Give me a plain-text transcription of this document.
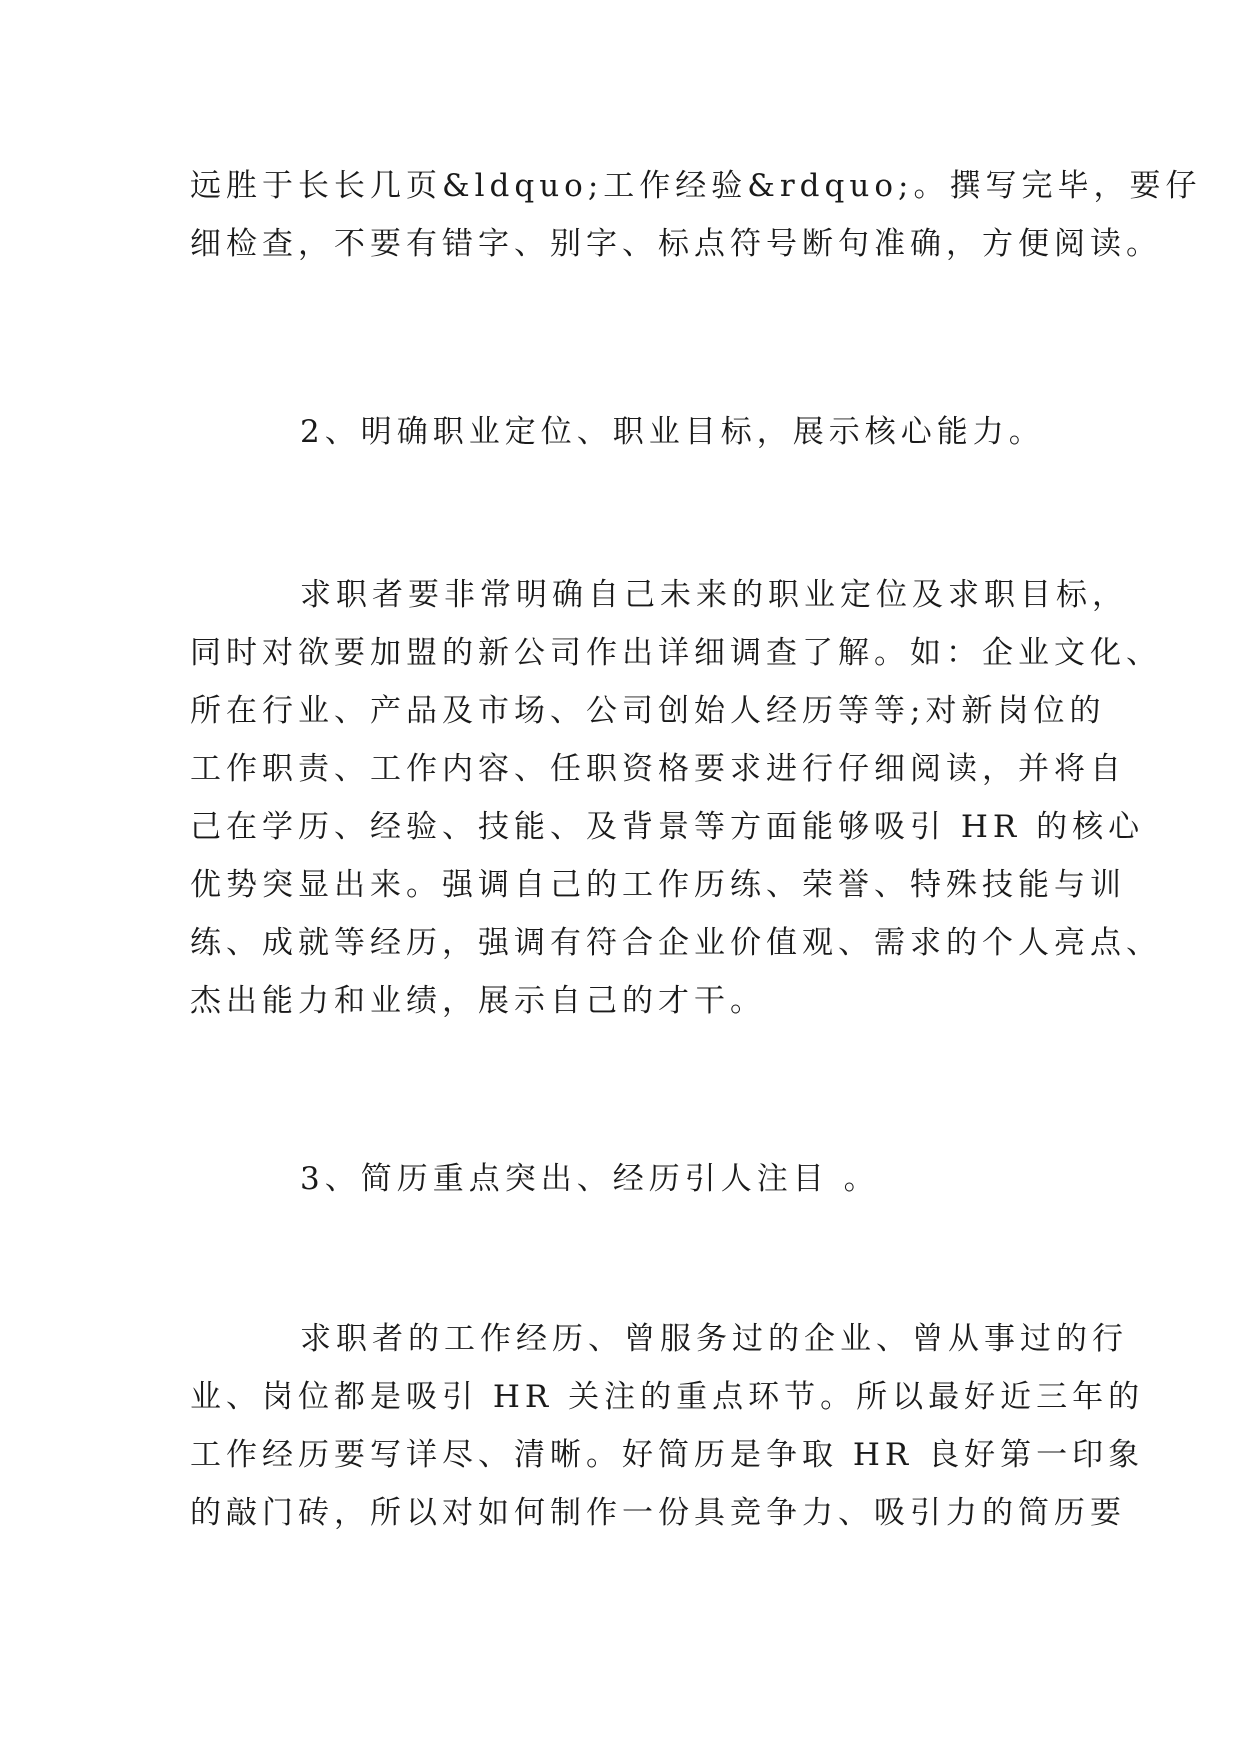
远胜于长长几页&ldquo;工作经验&rdquo;。撰写完毕，要仔
细检查，不要有错字、别字、标点符号断句准确，方便阅读。
2、明确职业定位、职业目标，展示核心能力。
求职者要非常明确自己未来的职业定位及求职目标，
同时对欲要加盟的新公司作出详细调查了解。如：企业文化、
所在行业、产品及市场、公司创始人经历等等;对新岗位的
工作职责、工作内容、任职资格要求进行仔细阅读，并将自
己在学历、经验、技能、及背景等方面能够吸引 HR 的核心
优势突显出来。强调自己的工作历练、荣誉、特殊技能与训
练、成就等经历，强调有符合企业价值观、需求的个人亮点、
杰出能力和业绩，展示自己的才干。
3、简历重点突出、经历引人注目 。
求职者的工作经历、曾服务过的企业、曾从事过的行
业、岗位都是吸引 HR 关注的重点环节。所以最好近三年的
工作经历要写详尽、清晰。好简历是争取 HR 良好第一印象
的敲门砖，所以对如何制作一份具竞争力、吸引力的简历要
